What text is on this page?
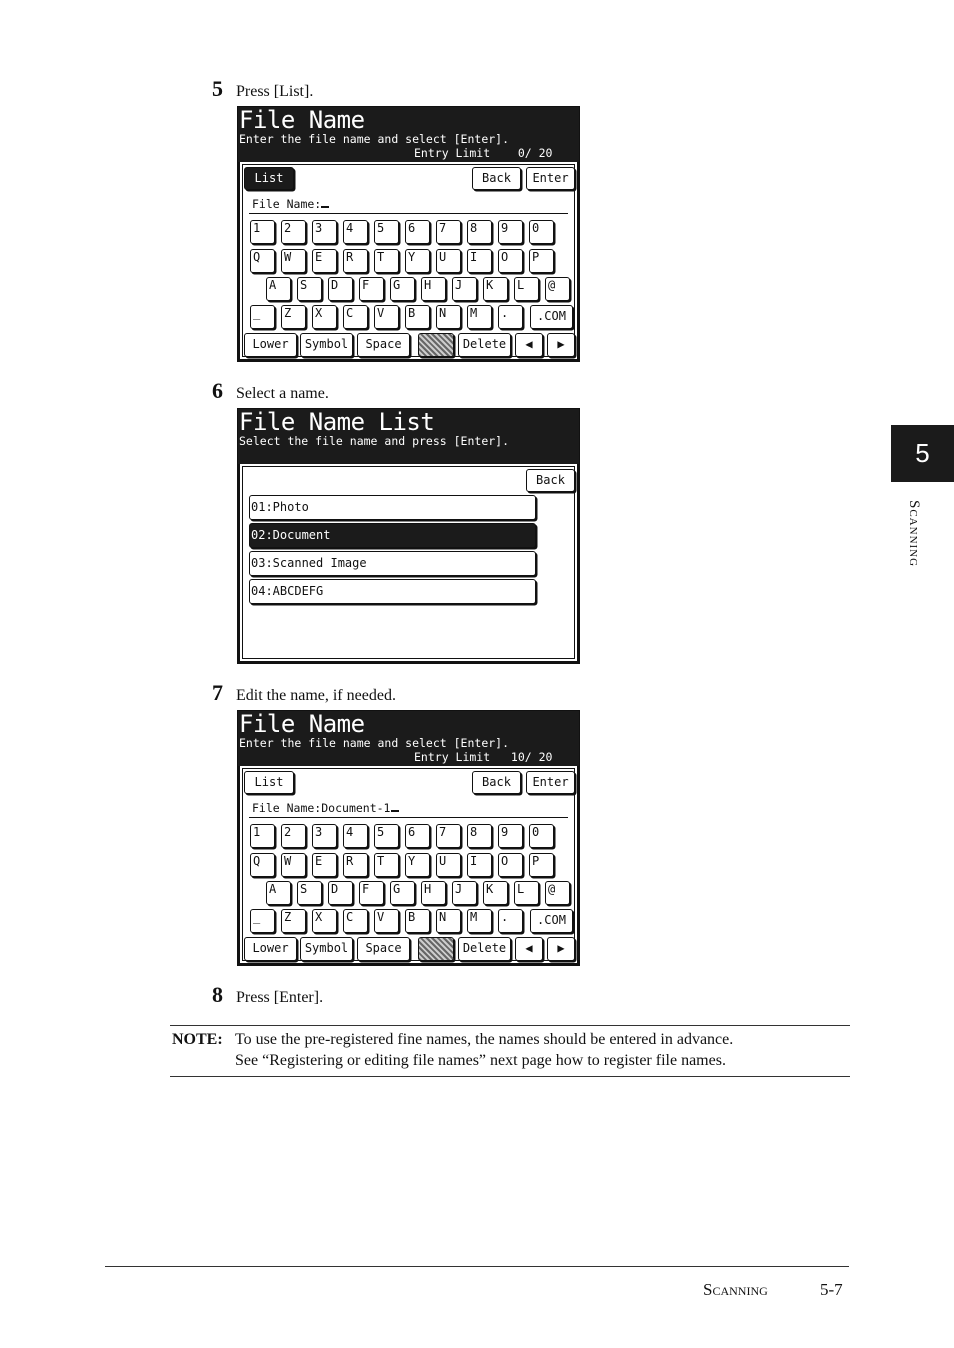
5 Press [List].
File Name
Enter the file name and select [Enter].
Entry Limit    0/ 20
List	Back	Enter
File Name:
1	2	3	4	5	6	7	8	9	0
Q	W	E	R	T	Y	U	I	O	P
A	S	D	F	G	H	J	K	L	@
_	Z	X	C	V	B	N	M	.	.COM
Lower	Symbol	Space	Delete	◀	▶
6 Select a name.
File Name List
Select the file name and press [Enter].
Back
01:Photo
02:Document
03:Scanned Image
04:ABCDEFG
7 Edit the name, if needed.
File Name
Enter the file name and select [Enter].
Entry Limit   10/ 20
List	Back	Enter
File Name:Document-1
1	2	3	4	5	6	7	8	9	0
Q	W	E	R	T	Y	U	I	O	P
A	S	D	F	G	H	J	K	L	@
_	Z	X	C	V	B	N	M	.	.COM
Lower	Symbol	Space	Delete	◀	▶
8 Press [Enter].
NOTE: To use the pre-registered fine names, the names should be entered in advance.
See “Registering or editing file names” next page how to register file names.
5
Scanning
Scanning	5-7
